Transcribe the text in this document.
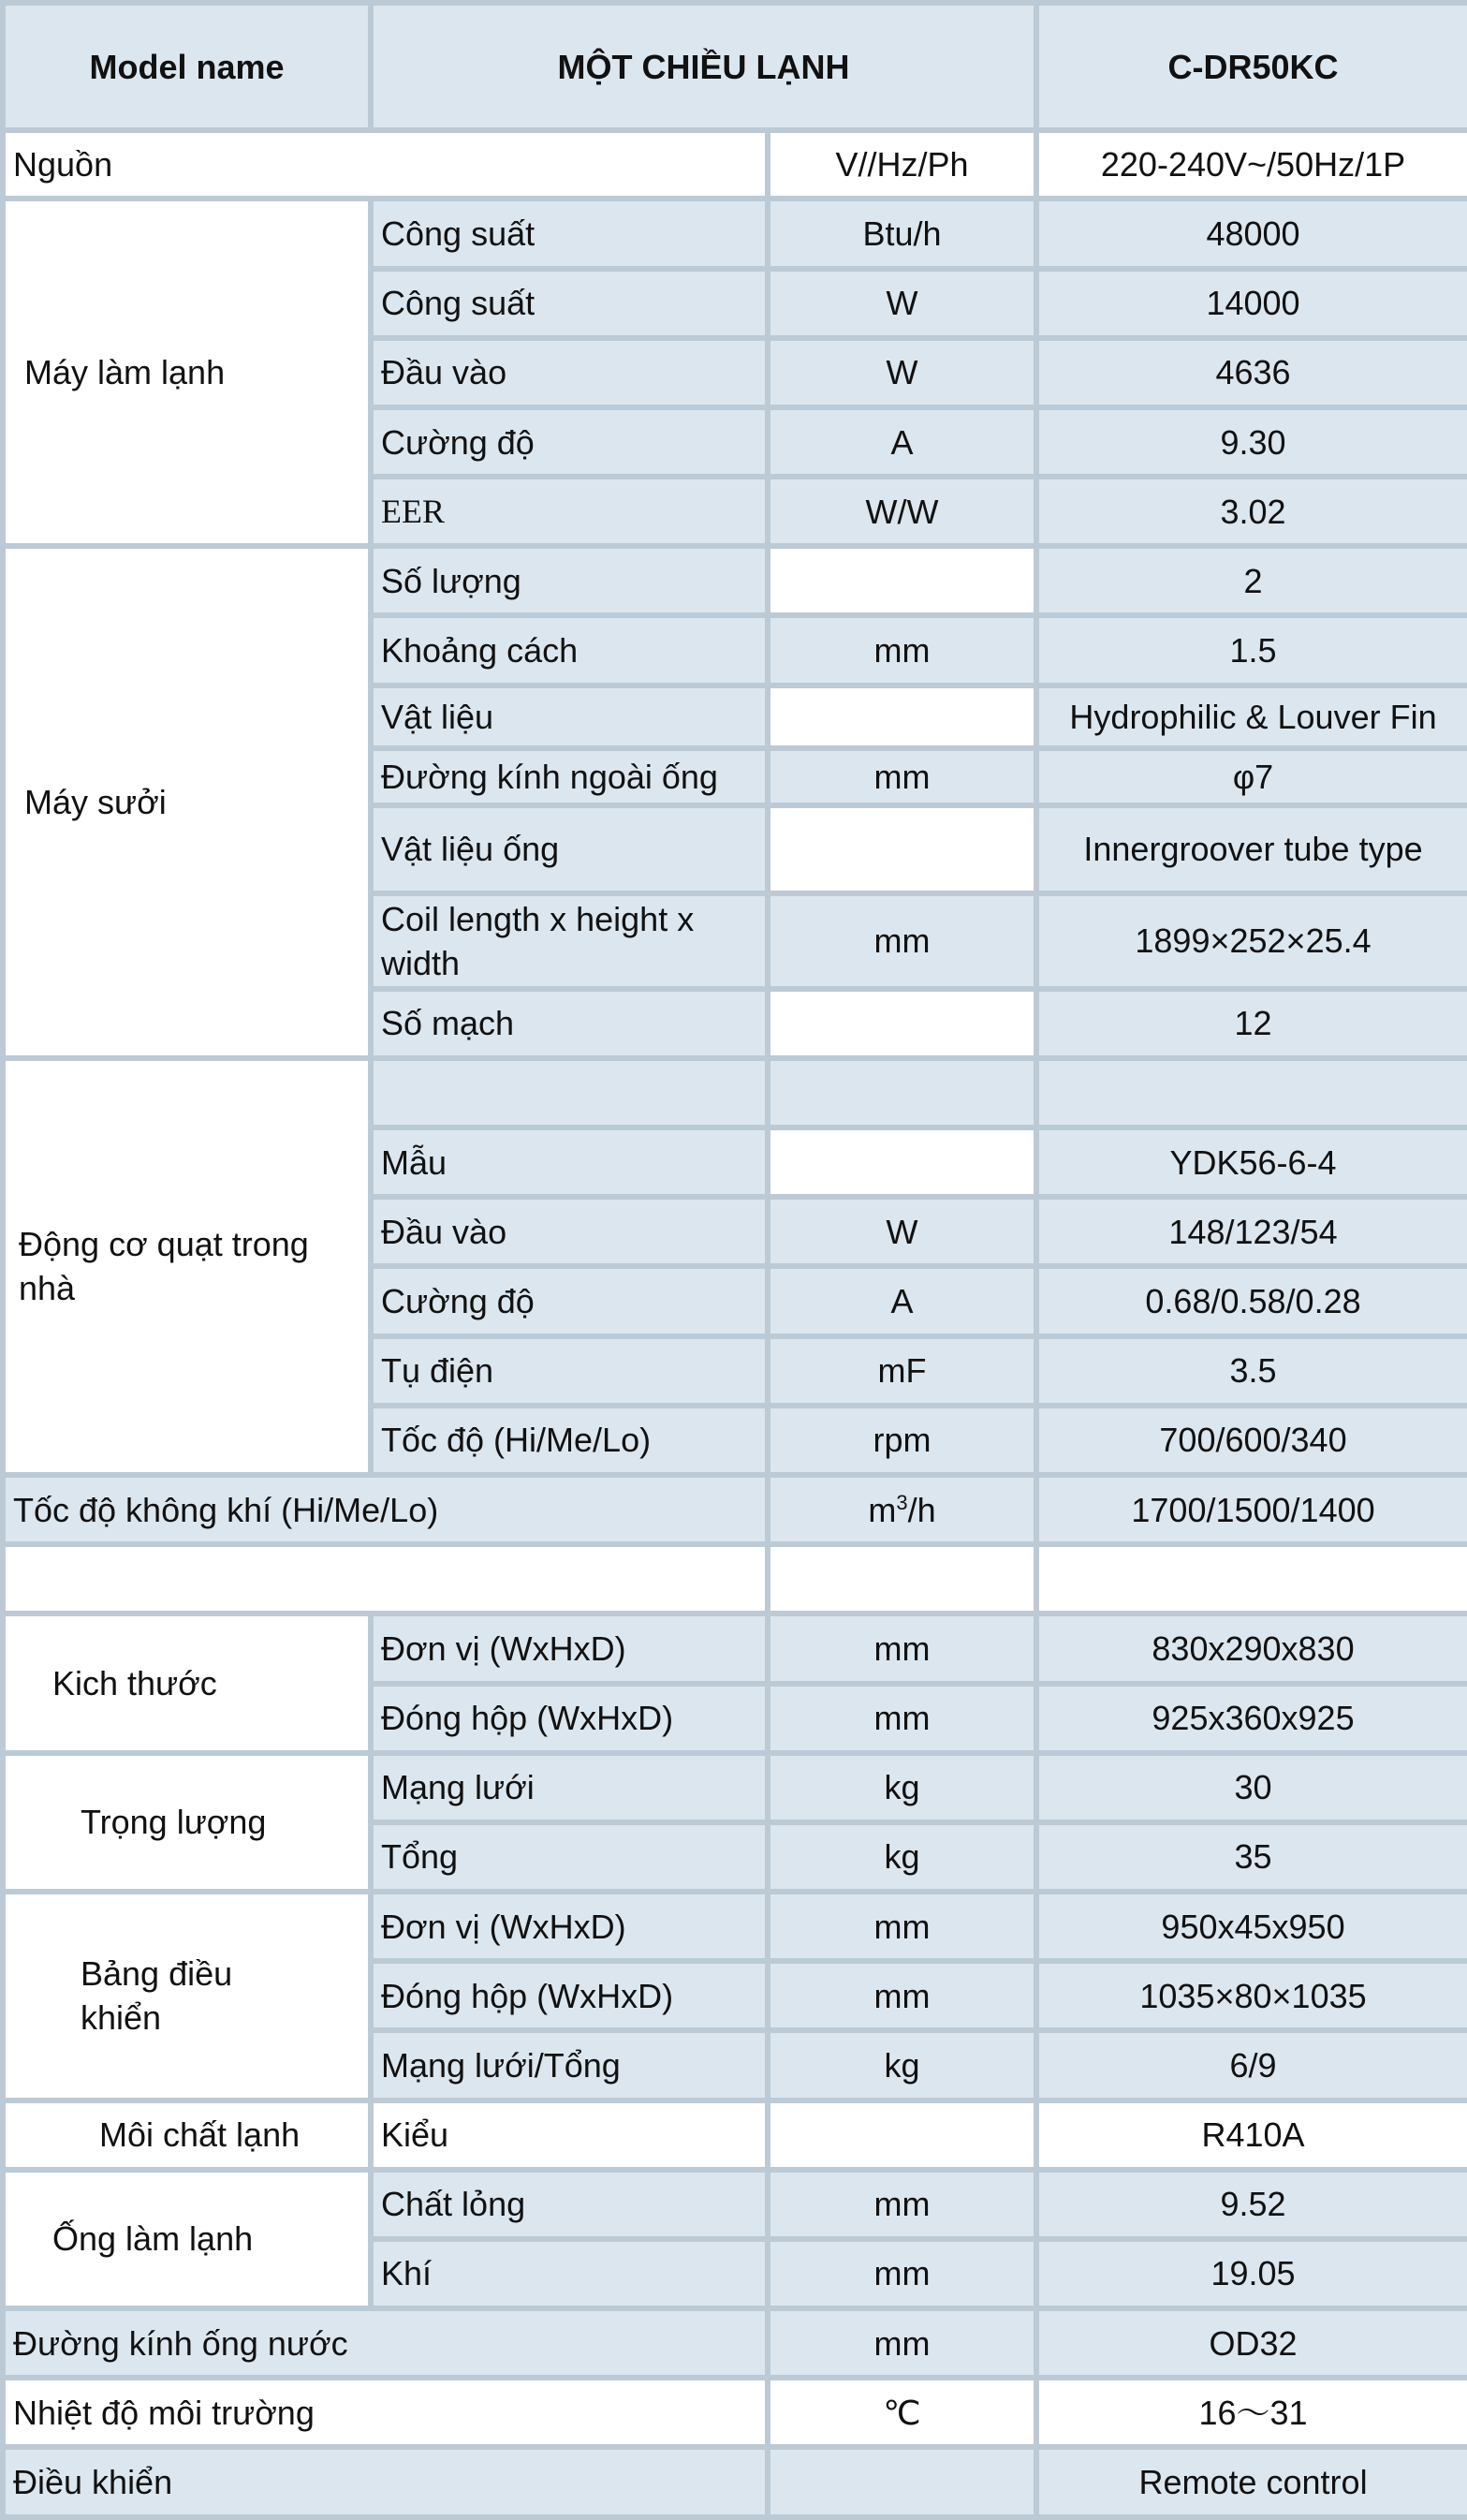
Model name	MỘT CHIỀU LẠNH		C-DR50KC
Nguồn		V//Hz/Ph	220-240V~/50Hz/1P
Máy làm lạnh	Công suất	Btu/h	48000
	Công suất	W	14000
	Đầu vào	W	4636
	Cường độ	A	9.30
	EER	W/W	3.02
Máy sưởi	Số lượng		2
	Khoảng cách	mm	1.5
	Vật liệu		Hydrophilic & Louver Fin
	Đường kính ngoài ống	mm	φ7
	Vật liệu ống		Innergroover tube type
	Coil length x height x width	mm	1899×252×25.4
	Số mạch		12
Động cơ quạt trong nhà			
	Mẫu		YDK56-6-4
	Đầu vào	W	148/123/54
	Cường độ	A	0.68/0.58/0.28
	Tụ điện	mF	3.5
	Tốc độ (Hi/Me/Lo)	rpm	700/600/340
Tốc độ không khí (Hi/Me/Lo)		$m^3/h$	1700/1500/1400

Kich thước	Đơn vị (WxHxD)	mm	830x290x830
	Đóng hộp (WxHxD)	mm	925x360x925
Trọng lượng	Mạng lưới	kg	30
	Tổng	kg	35
Bảng điều khiển	Đơn vị (WxHxD)	mm	950x45x950
	Đóng hộp (WxHxD)	mm	1035×80×1035
	Mạng lưới/Tổng	kg	6/9
Môi chất lạnh	Kiểu		R410A
Ống làm lạnh	Chất lỏng	mm	9.52
	Khí	mm	19.05
Đường kính ống nước		mm	OD32
Nhiệt độ môi trường		℃	16～31
Điều khiển			Remote control
